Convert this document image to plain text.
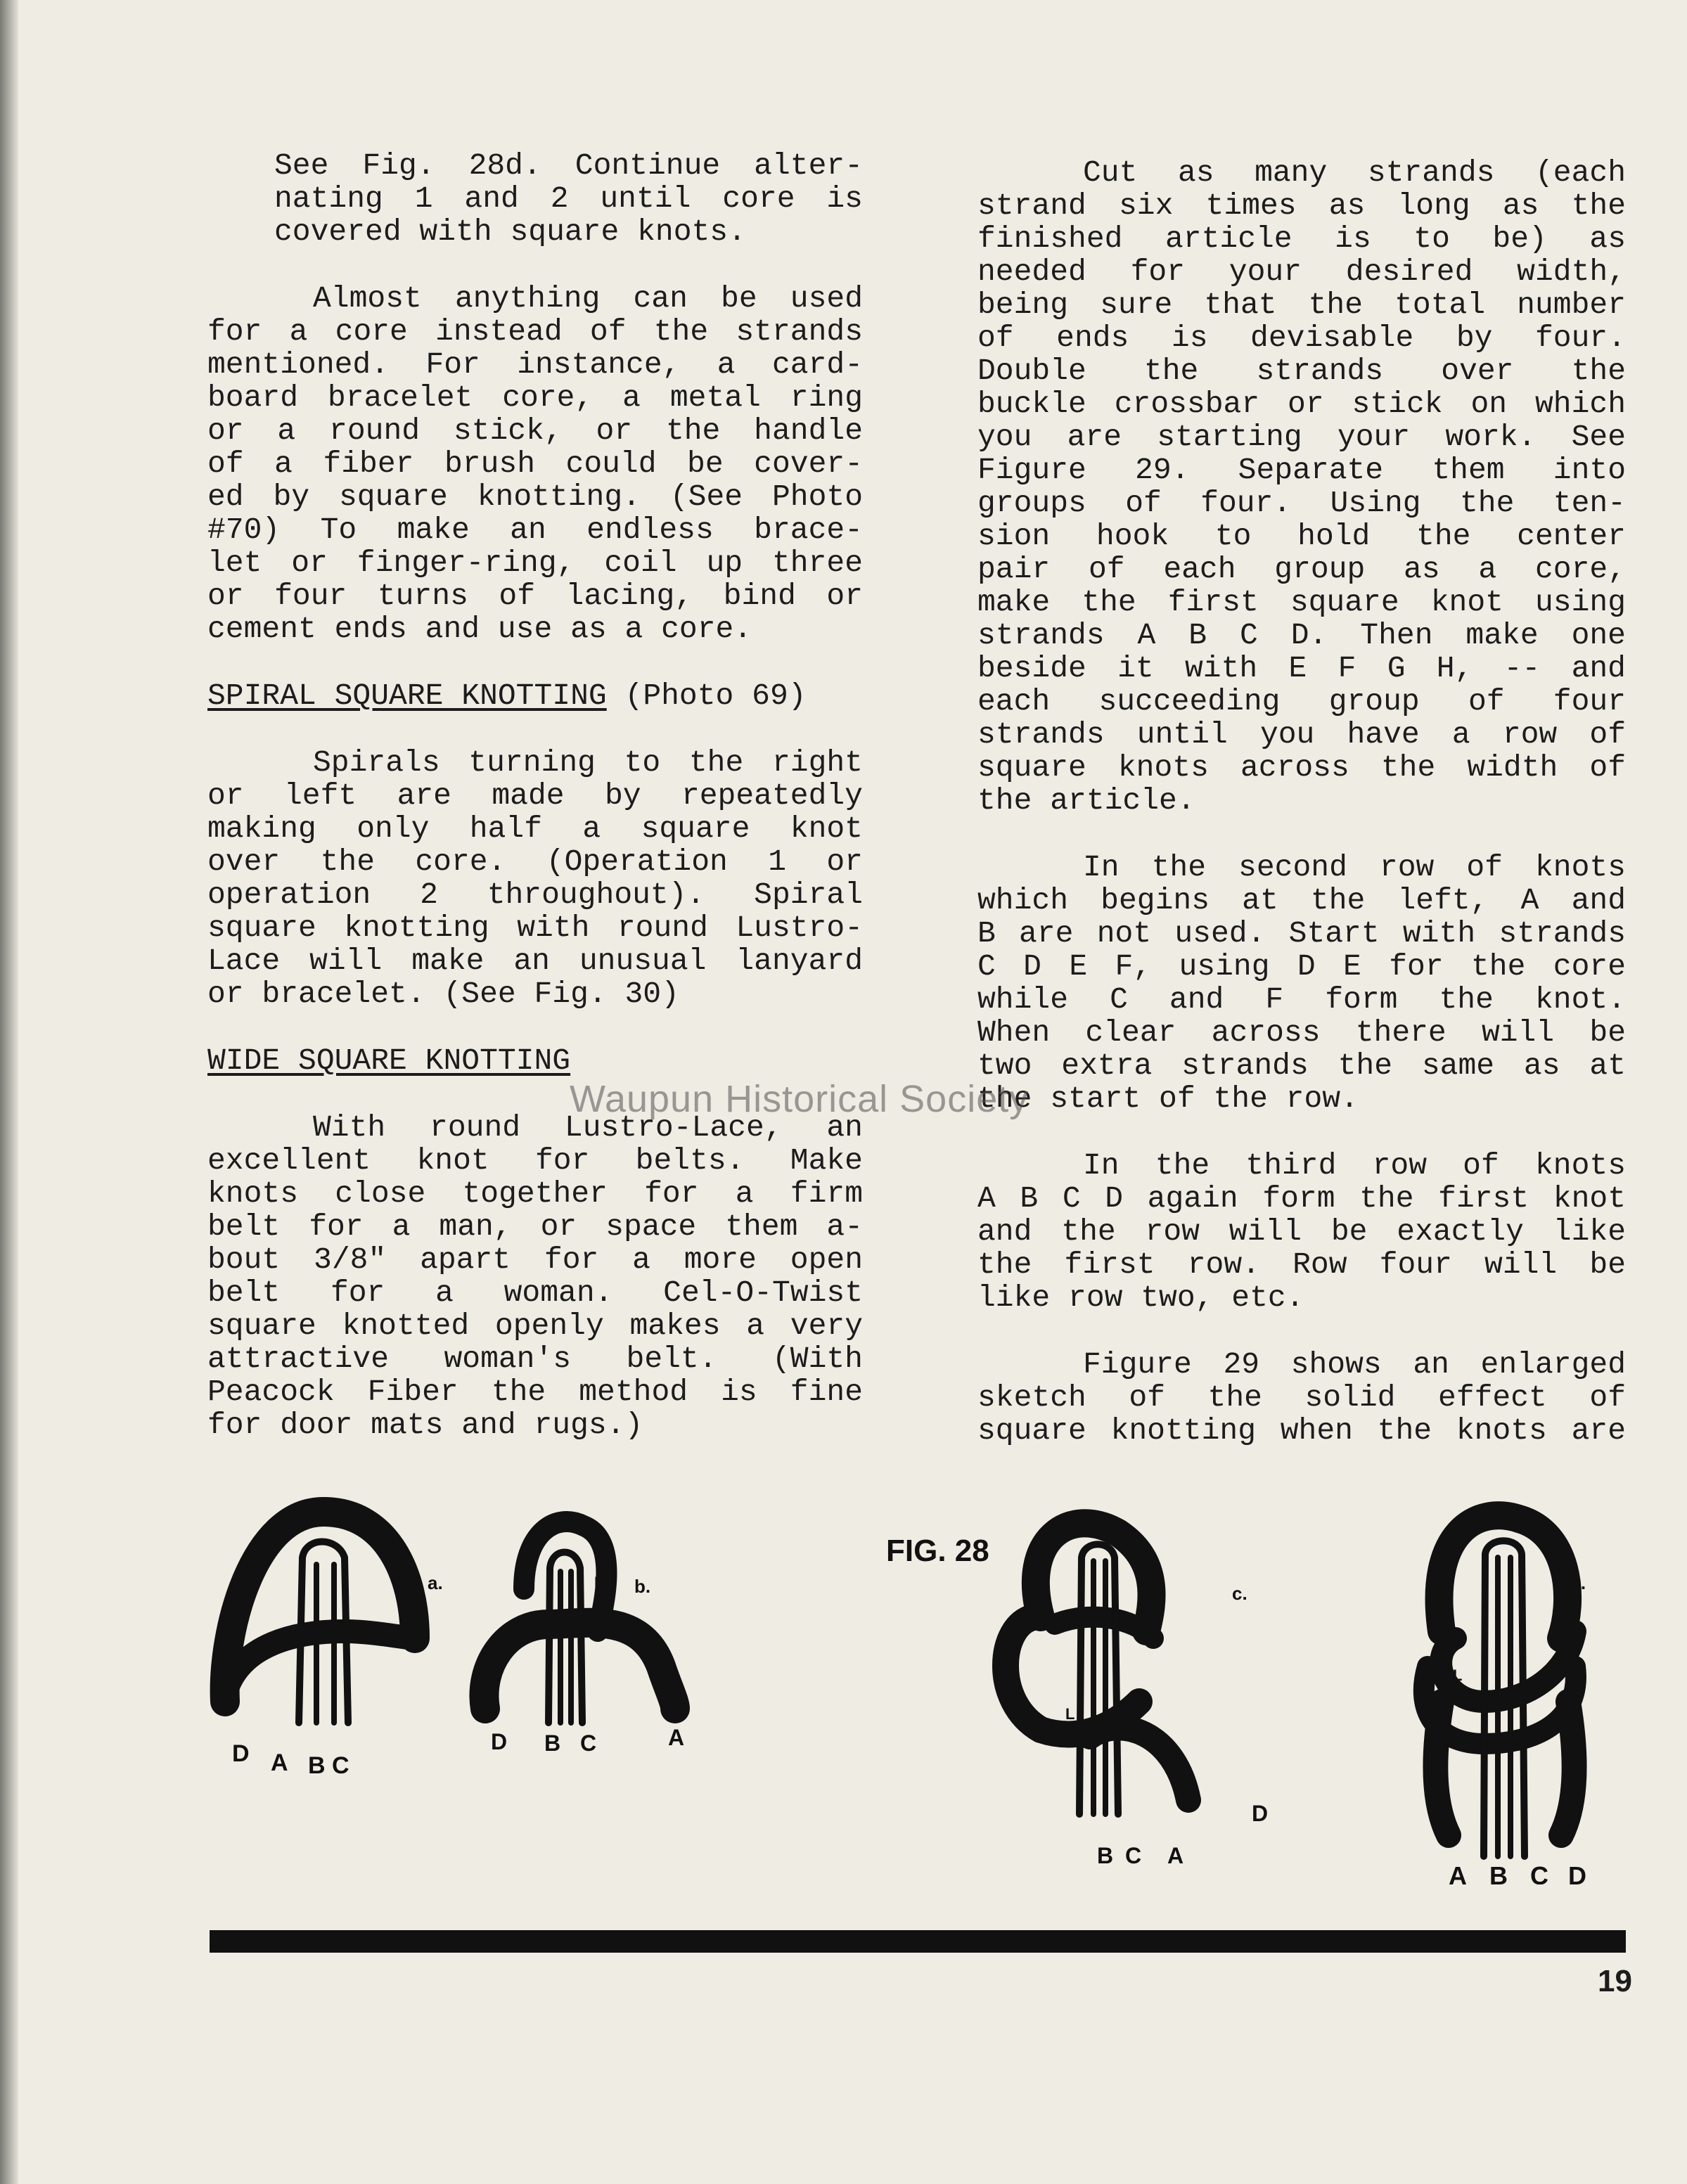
See Fig. 28d. Continue alter-

nating 1 and 2 until core is

covered with square knots.

Almost anything can be used

for a core instead of the strands

mentioned. For instance, a card-

board bracelet core, a metal ring

or a round stick, or the handle

of a fiber brush could be cover-

ed by square knotting. (See Photo

#70) To make an endless brace-

let or finger-ring, coil up three

or four turns of lacing, bind or

cement ends and use as a core.

SPIRAL SQUARE KNOTTING (Photo 69)

Spirals turning to the right

or left are made by repeatedly

making only half a square knot

over the core. (Operation 1 or

operation 2 throughout). Spiral

square knotting with round Lustro-

Lace will make an unusual lanyard

or bracelet. (See Fig. 30)

WIDE SQUARE KNOTTING

With round Lustro-Lace, an

excellent knot for belts. Make

knots close together for a firm

belt for a man, or space them a-

bout 3/8" apart for a more open

belt for a woman. Cel-O-Twist

square knotted openly makes a very

attractive woman's belt. (With

Peacock Fiber the method is fine

for door mats and rugs.)

Cut as many strands (each

strand six times as long as the

finished article is to be) as

needed for your desired width,

being sure that the total number

of ends is devisable by four.

Double the strands over the

buckle crossbar or stick on which

you are starting your work. See

Figure 29. Separate them into

groups of four. Using the ten-

sion hook to hold the center

pair of each group as a core,

make the first square knot using

strands A B C D. Then make one

beside it with E F G H, -- and

each succeeding group of four

strands until you have a row of

square knots across the width of

the article.

In the second row of knots

which begins at the left, A and

B are not used. Start with strands

C D E F, using D E for the core

while C and F form the knot.

When clear across there will be

two extra strands the same as at

the start of the row.

In the third row of knots

A B C D again form the first knot

and the row will be exactly like

the first row. Row four will be

like row two, etc.

Figure 29 shows an enlarged

sketch of the solid effect of

square knotting when the knots are

Waupun Historical Society
FIG. 28
a.
R
D A B C
b.
R
D B C	A
c.
L
D
B C A
d.
L
A B C D
19
